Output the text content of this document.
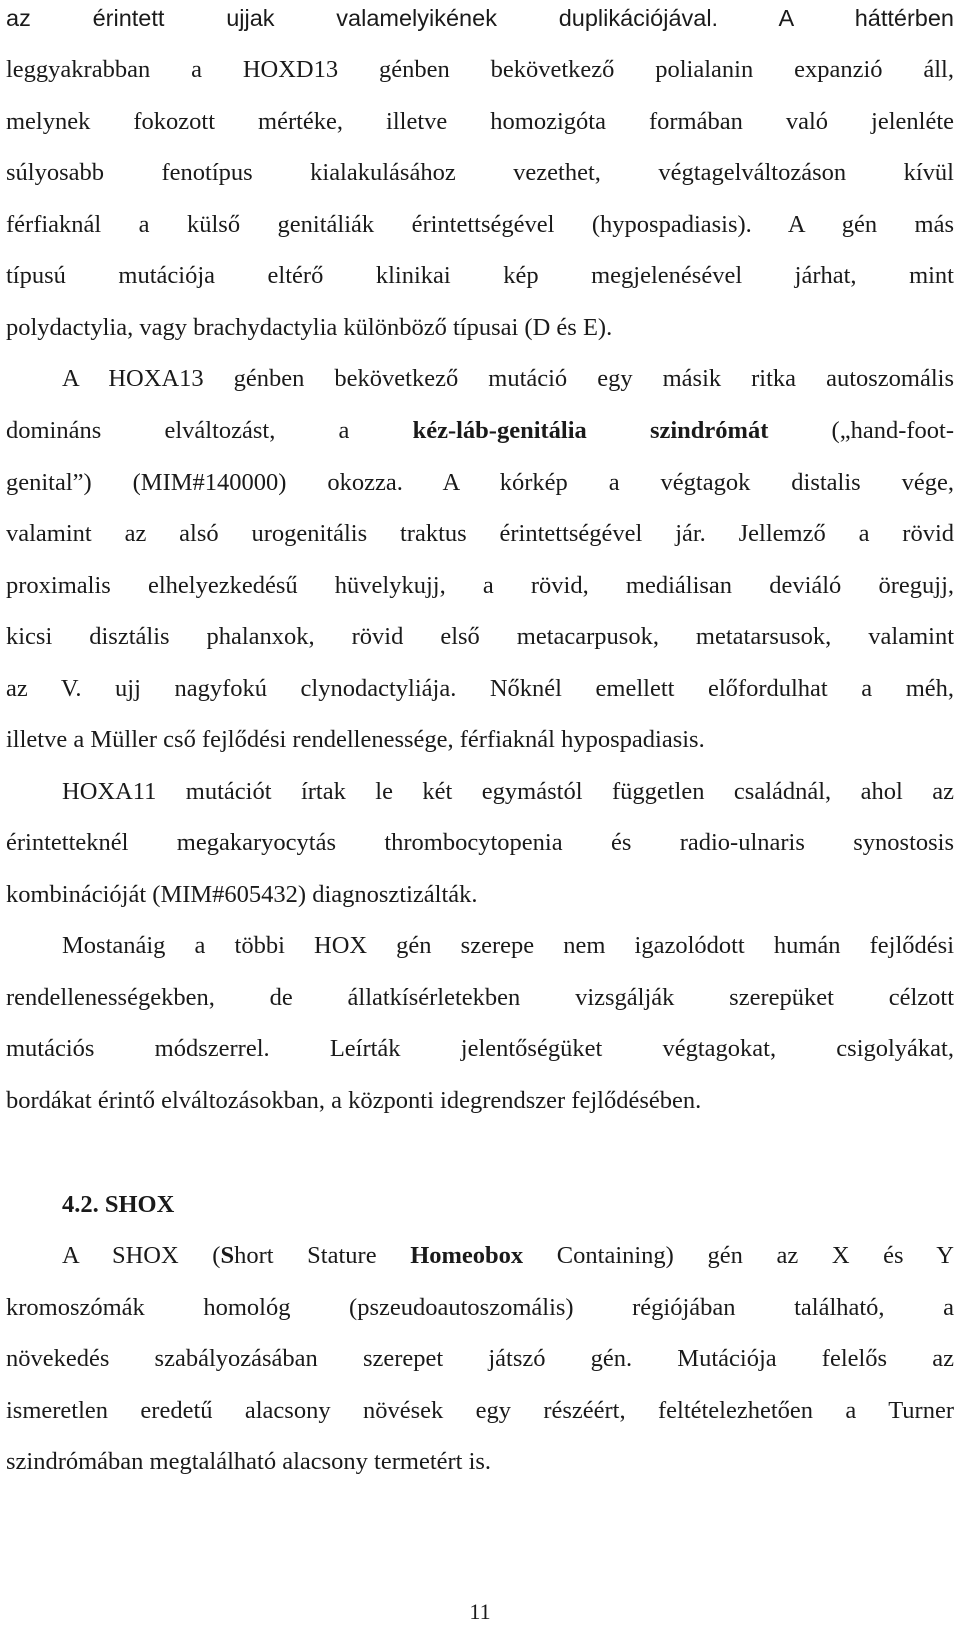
az érintett ujjak valamelyikének duplikációjával. A háttérben
leggyakrabban a HOXD13 génben bekövetkező polialanin expanzió áll,
melynek fokozott mértéke, illetve homozigóta formában való jelenléte
súlyosabb fenotípus kialakulásához vezethet, végtagelváltozáson kívül
férfiaknál a külső genitáliák érintettségével (hypospadiasis). A gén más
típusú mutációja eltérő klinikai kép megjelenésével járhat, mint
polydactylia, vagy brachydactylia különböző típusai (D és E).
A HOXA13 génben bekövetkező mutáció egy másik ritka autoszomális
domináns elváltozást, a kéz-láb-genitália szindrómát („hand-foot-
genital”) (MIM#140000) okozza. A kórkép a végtagok distalis vége,
valamint az alsó urogenitális traktus érintettségével jár. Jellemző a rövid
proximalis elhelyezkedésű hüvelykujj, a rövid, mediálisan deviáló öregujj,
kicsi disztális phalanxok, rövid első metacarpusok, metatarsusok, valamint
az V. ujj nagyfokú clynodactyliája. Nőknél emellett előfordulhat a méh,
illetve a Müller cső fejlődési rendellenessége, férfiaknál hypospadiasis.
HOXA11 mutációt írtak le két egymástól független családnál, ahol az
érintetteknél megakaryocytás thrombocytopenia és radio-ulnaris synostosis
kombinációját (MIM#605432) diagnosztizálták.
Mostanáig a többi HOX gén szerepe nem igazolódott humán fejlődési
rendellenességekben, de állatkísérletekben vizsgálják szerepüket célzott
mutációs módszerrel. Leírták jelentőségüket végtagokat, csigolyákat,
bordákat érintő elváltozásokban, a központi idegrendszer fejlődésében.
4.2. SHOX
A SHOX (Short Stature Homeobox Containing) gén az X és Y
kromoszómák homológ (pszeudoautoszomális) régiójában található, a
növekedés szabályozásában szerepet játszó gén. Mutációja felelős az
ismeretlen eredetű alacsony növések egy részéért, feltételezhetően a Turner
szindrómában megtalálható alacsony termetért is.
11
